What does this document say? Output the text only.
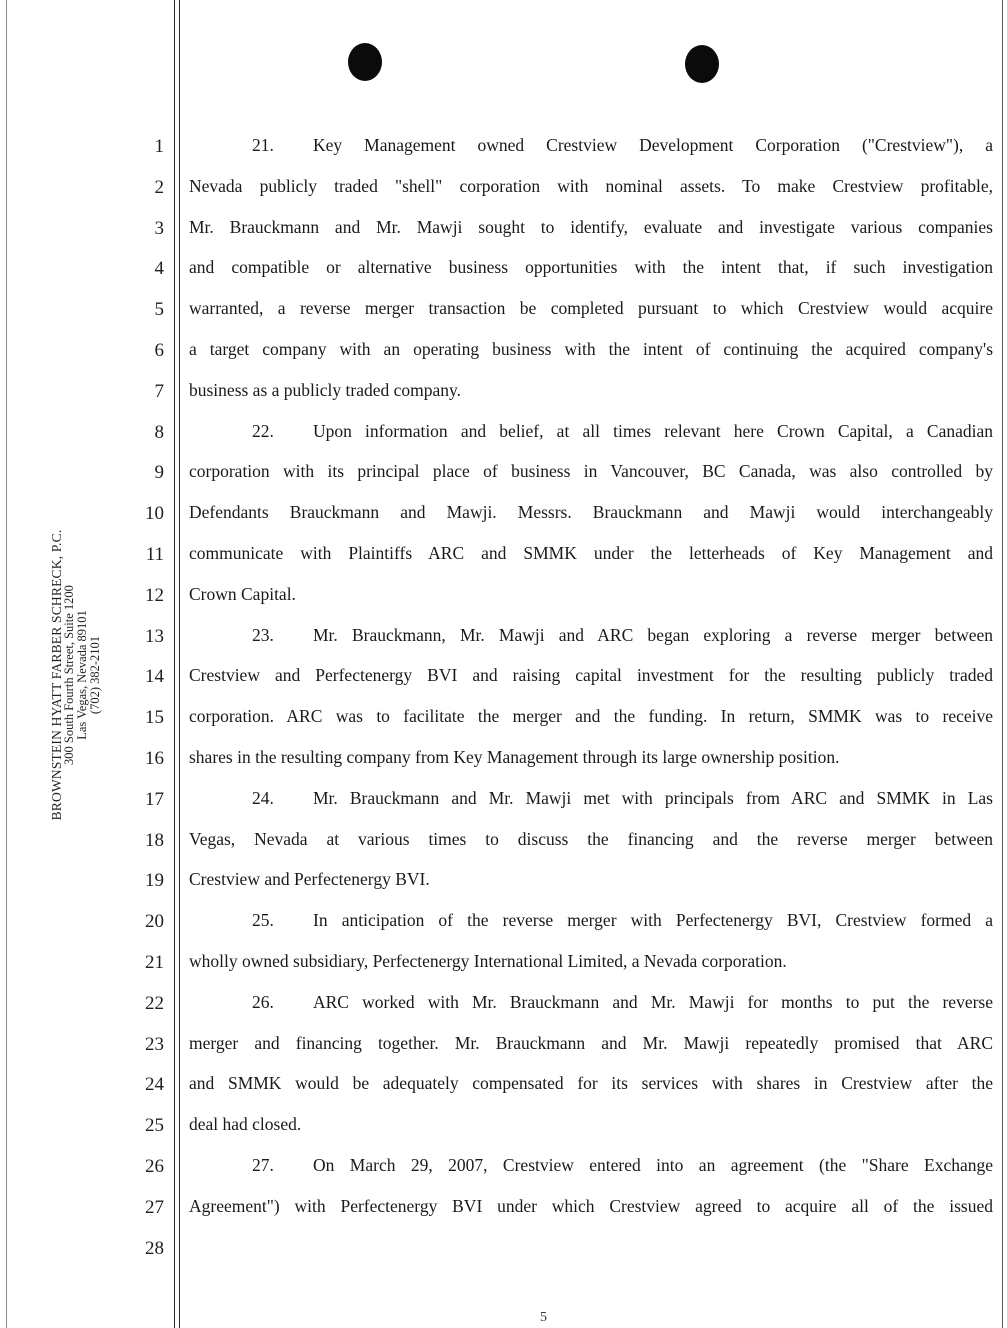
BROWNSTEIN HYATT FARBER SCHRECK, P.C.
300 South Fourth Street, Suite 1200 Las Vegas, Nevada 89101 (702) 382-2101
1
2
3
4
5
6
7
8
9
10
11
12
13
14
15
16
17
18
19
20
21
22
23
24
25
26
27
28
21. Key Management owned Crestview Development Corporation ("Crestview"), a
Nevada publicly traded "shell" corporation with nominal assets. To make Crestview profitable,
Mr. Brauckmann and Mr. Mawji sought to identify, evaluate and investigate various companies
and compatible or alternative business opportunities with the intent that, if such investigation
warranted, a reverse merger transaction be completed pursuant to which Crestview would acquire
a target company with an operating business with the intent of continuing the acquired company's
business as a publicly traded company.
22. Upon information and belief, at all times relevant here Crown Capital, a Canadian
corporation with its principal place of business in Vancouver, BC Canada, was also controlled by
Defendants Brauckmann and Mawji. Messrs. Brauckmann and Mawji would interchangeably
communicate with Plaintiffs ARC and SMMK under the letterheads of Key Management and
Crown Capital.
23. Mr. Brauckmann, Mr. Mawji and ARC began exploring a reverse merger between
Crestview and Perfectenergy BVI and raising capital investment for the resulting publicly traded
corporation. ARC was to facilitate the merger and the funding. In return, SMMK was to receive
shares in the resulting company from Key Management through its large ownership position.
24. Mr. Brauckmann and Mr. Mawji met with principals from ARC and SMMK in Las
Vegas, Nevada at various times to discuss the financing and the reverse merger between
Crestview and Perfectenergy BVI.
25. In anticipation of the reverse merger with Perfectenergy BVI, Crestview formed a
wholly owned subsidiary, Perfectenergy International Limited, a Nevada corporation.
26. ARC worked with Mr. Brauckmann and Mr. Mawji for months to put the reverse
merger and financing together. Mr. Brauckmann and Mr. Mawji repeatedly promised that ARC
and SMMK would be adequately compensated for its services with shares in Crestview after the
deal had closed.
27. On March 29, 2007, Crestview entered into an agreement (the "Share Exchange
Agreement") with Perfectenergy BVI under which Crestview agreed to acquire all of the issued
5
